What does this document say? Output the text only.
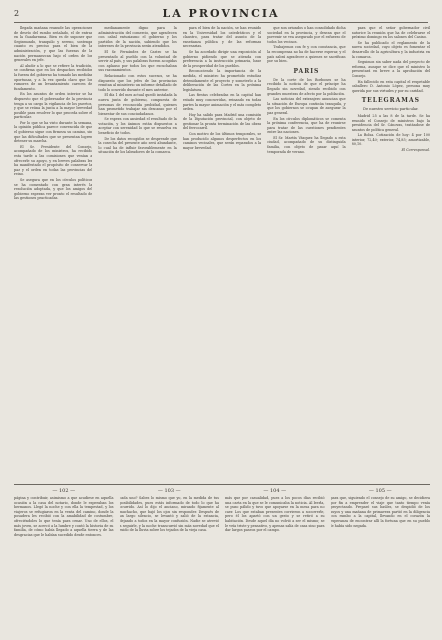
2	LA PROVINCIA

llegada mañana reanude las operaciones de desvío del rumbo señalado, el de entrar en la Guadarrama. Bien es de suponer que Segismundo, tranquilo y sereno, sostenga cuanto es preciso para el bien de la administración, y que las fuerzas de la nación permanezcan bajo el orden de los generales en jefe.

Al aludir a lo que se refiere la tradición, se confirma que en los despachos recibidos la fuerza del gobierno ha tomado las medidas oportunas, y a la vez queda claro que los rumores de un levantamiento carecen de fundamento.

En los asuntos de orden interior se ha dispuesto que el gobernador de la provincia tenga a su cargo la vigilancia de los puertos, y que se reúna la junta a la mayor brevedad posible para resolver lo que proceda sobre el particular.

Por lo que se ha visto durante la semana, la opinión pública parece convencida de que el gobierno sigue con firmeza su camino, sin que las dificultades que se presentan logren detener su marcha.

El Sr. Presidente del Consejo, acompañado de los ministros, ha recibido esta tarde a las comisiones que venían a ofrecerle su apoyo, y en breves palabras les ha manifestado el propósito de conservar la paz y el orden en todas las provincias del reino.

Se asegura que en los círculos políticos se ha comentado con gran interés la resolución adoptada, y que los amigos del gobierno esperan ver pronto el resultado de las gestiones practicadas.

medianamente digno para la administración del comercio, que agradecen con cabal entusiasmo el gobierno y los partidos de la nación, sabiendo que los intereses de la provincia serán atendidos.

El Sr. Fernández de Castro se ha presentado al pueblo con la voluntad de servir al país, y sus palabras fueron acogidas con aplauso por todos los que escuchaban sus razonamientos.

Relacionado con estos sucesos, se ha dispuesto que los jefes de las provincias remitan al ministerio un informe detallado de todo lo ocurrido durante el mes anterior.

El día 1 del mes actual quedó instalada la nueva junta de gobierno, compuesta de personas de reconocida probidad, quienes han prometido trabajar sin descanso por el bienestar de sus conciudadanos.

Se espera con ansiedad el resultado de la votación, y los ánimos están dispuestos a aceptar con serenidad lo que se resuelva en beneficio de todos.

De los datos recogidos se desprende que la cosecha del presente año será abundante, lo cual ha de influir favorablemente en la situación de los labradores de la comarca.

para el bien de la nación, se han reunido en la Universidad los catedráticos y el claustro, para tratar del asunto de la enseñanza pública y de las reformas necesarias.

Se ha acordado dirigir una exposición al gobierno pidiendo que se atienda con preferencia a la instrucción primaria, base de la prosperidad de los pueblos.

Reconociendo la importancia de la medida, el ministro ha prometido estudiar detenidamente el proyecto y someterlo a la deliberación de las Cortes en la próxima legislatura.

Las fiestas celebradas en la capital han estado muy concurridas, reinando en todas partes la mayor animación y el más completo orden.

Hoy ha salido para Madrid una comisión de la Diputación provincial, con objeto de gestionar la pronta terminación de las obras del ferrocarril.

Con motivo de los últimos temporales, se han producido algunos desperfectos en los caminos vecinales, que serán reparados a la mayor brevedad.

que son oriundos o han consolidado dicha sociedad en la provincia, y desean que el porvenir se vea asegurado por el esfuerzo de todos los vecinos.

Trabajemos con fe y con constancia, que la recompensa no ha de hacerse esperar, y el país sabrá agradecer a quienes se sacrifican por su bien.

PARIS

De la corte de los Borbones se ha recibido la noticia de que el príncipe ha llegado sin novedad, siendo recibido con grandes muestras de afecto por la población.

Las noticias del extranjero anuncian que la situación de Europa continúa tranquila, y que los gobiernos se ocupan de asegurar la paz general.

En los círculos diplomáticos se comenta la próxima conferencia, que ha de reunirse para tratar de las cuestiones pendientes entre las naciones.

El Sr. Martín Vázquez ha llegado a esta ciudad, acompañado de su distinguida familia, con objeto de pasar aquí la temporada de verano.

para que el señor gobernador civil autorice la reunión que ha de celebrarse el próximo domingo en los salones del Casino.

Se ha publicado el reglamento de la nueva sociedad, cuyo objeto es fomentar el desarrollo de la agricultura y la industria en la comarca.

Seguimos sin saber nada del proyecto de reforma, aunque se dice que el ministro lo presentará en breve a la aprobación del Consejo.

Ha fallecido en esta capital el respetable caballero D. Antonio López, persona muy querida por sus virtudes y por su caridad.

TELEGRAMAS

De nuestro servicio particular.

Madrid 25 a las 8 de la tarde. Se ha reunido el Consejo de ministros bajo la presidencia del Sr. Cánovas, tratándose de asuntos de política general.

La Bolsa. Cotización de hoy: 4 por 100 interior, 72,40; exterior, 74,85; amortizable, 80,10.

El Corresponsal.

— 102 —
página y contribuir, asimismo a que acudiese en aquella ocasión a la casa del notario, donde le esperaban los hermanos. Llegó la noche y con ella la tempestad, y los viajeros se refugiaron en la venta del camino, donde la posadera les recibió con la amabilidad de costumbre, ofreciéndoles lo que tenía para cenar. Uno de ellos, el más joven, se acercó a la lumbre y contó la historia de su familia, de cómo había llegado a aquella tierra y de las desgracias que le habían sucedido desde entonces.
— 103 —
cada uno? Sabes lo mismo que yo, en la medida de tus posibilidades, pues estás informado de todo lo que ha ocurrido. Así lo dijo el anciano, mirando fijamente al muchacho, que bajó los ojos sin responder. Después de un largo silencio, se levantó y salió de la estancia, dejando a todos en la mayor confusión. Nadie se atrevió a seguirle, y la noche transcurrió sin más novedad que el ruido de la lluvia sobre los tejados de la vieja casa.
— 104 —
más que por casualidad, pues a los pocos días recibió una carta en la que se le comunicaba la noticia. Al leerla, se puso pálido y tuvo que apoyarse en la mesa para no caer. Los que estaban presentes corrieron a socorrerle, pero él los apartó con un gesto y se retiró a su habitación. Desde aquel día no volvió a ser el mismo; se le veía triste y pensativo, y apenas salía de casa sino para dar largos paseos por el campo.
— 105 —
para que, siguiendo el consejo de su amigo, se decidiera por fin a emprender el viaje que tanto tiempo venía proyectando. Preparó sus baúles, se despidió de los suyos y una mañana de primavera partió en la diligencia con rumbo a la capital, llevando en el corazón la esperanza de encontrar allí la fortuna que en su pueblo le había sido negada.
